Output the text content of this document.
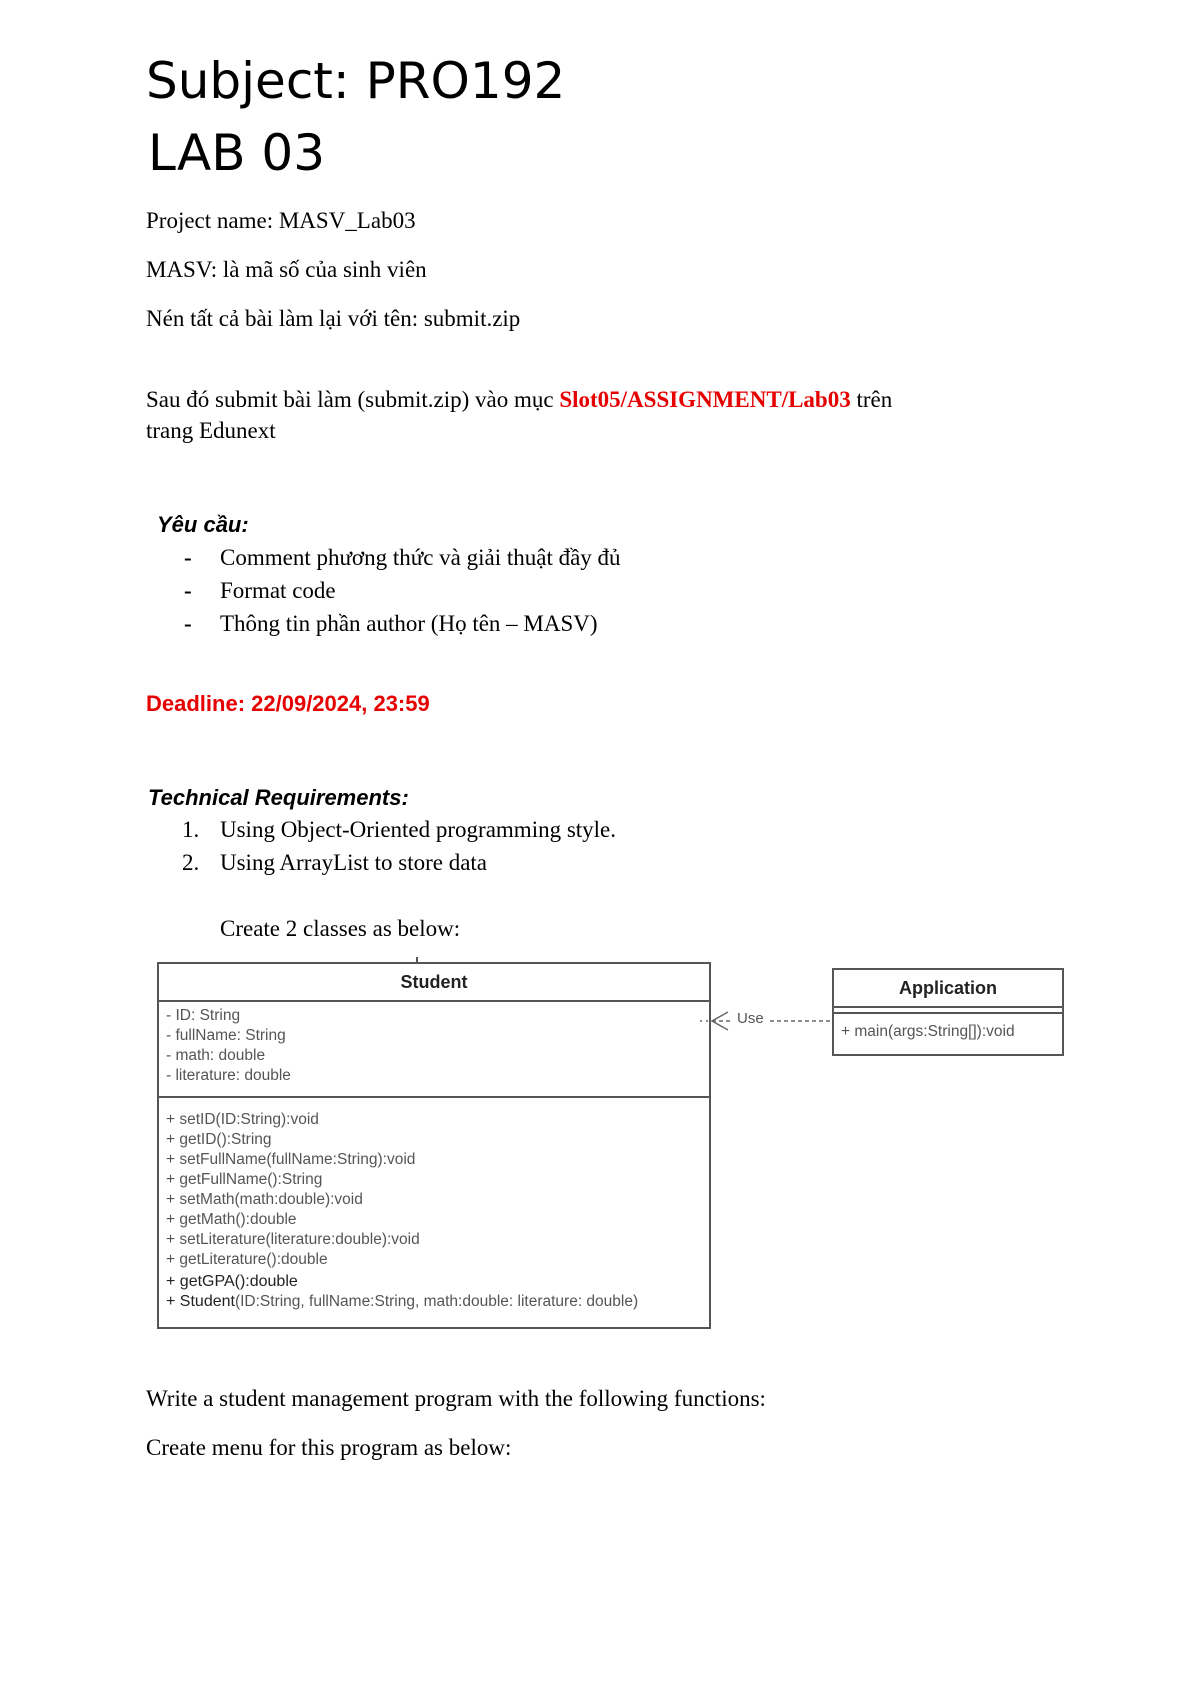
Subject: PRO192
LAB 03
Project name: MASV_Lab03
MASV: là mã số của sinh viên
Nén tất cả bài làm lại với tên: submit.zip
Sau đó submit bài làm (submit.zip) vào mục Slot05/ASSIGNMENT/Lab03 trên
trang Edunext
Yêu cầu:
- Comment phương thức và giải thuật đầy đủ
- Format code
- Thông tin phần author (Họ tên – MASV)
Deadline: 22/09/2024, 23:59
Technical Requirements:
1. Using Object-Oriented programming style.
2. Using ArrayList to store data
Create 2 classes as below:
Student
- ID: String
- fullName: String
- math: double
- literature: double
+ setID(ID:String):void
+ getID():String
+ setFullName(fullName:String):void
+ getFullName():String
+ setMath(math:double):void
+ getMath():double
+ setLiterature(literature:double):void
+ getLiterature():double
+ getGPA():double
+ Student(ID:String, fullName:String, math:double: literature: double)
Use
Application
+ main(args:String[]):void
Write a student management program with the following functions:
Create menu for this program as below:
